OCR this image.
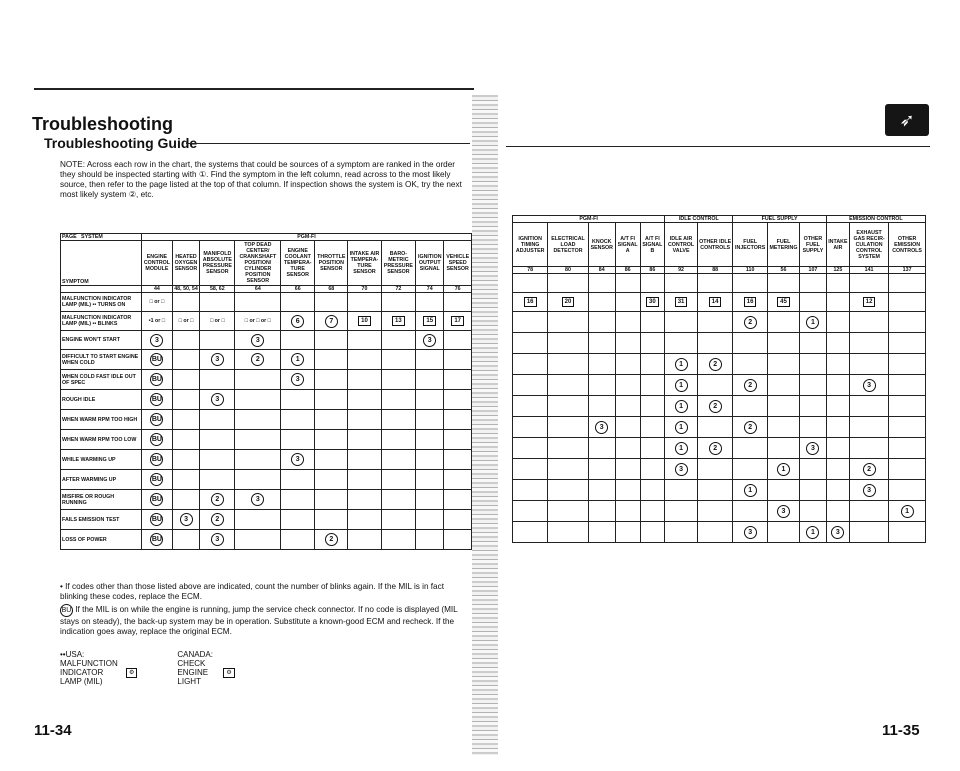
Troubleshooting
Troubleshooting Guide
➶
NOTE: Across each row in the chart, the systems that could be sources of a symptom are ranked in the order they should be inspected starting with ①. Find the symptom in the left column, read across to the most likely source, then refer to the page listed at the top of that column. If inspection shows the system is OK, try the next most likely system ②, etc.
PAGE   SYSTEM	PGM-FI									
SYMPTOM	ENGINE CONTROL MODULE	HEATED OXYGEN SENSOR	MANIFOLD ABSOLUTE PRESSURE SENSOR	TOP DEAD CENTER/ CRANKSHAFT POSITION/ CYLINDER POSITION SENSOR	ENGINE COOLANT TEMPERA- TURE SENSOR	THROTTLE POSITION SENSOR	INTAKE AIR TEMPERA- TURE SENSOR	BARO- METRIC PRESSURE SENSOR	IGNITION OUTPUT SIGNAL	VEHICLE SPEED SENSOR
	44	48, 50, 54	58, 62	64	66	68	70	72	74	76
MALFUNCTION INDICATOR LAMP (MIL) •• TURNS ON	□ or □									
MALFUNCTION INDICATOR LAMP (MIL) •• BLINKS	•1 or □	□ or □	□ or □	□ or □ or □	6	7	10	13	15	17
ENGINE WON'T START	3			3					3	
DIFFICULT TO START ENGINE WHEN COLD	BU		3	2	1					
WHEN COLD FAST IDLE OUT OF SPEC	BU				3					
ROUGH IDLE	BU		3							
WHEN WARM RPM TOO HIGH	BU									
WHEN WARM RPM TOO LOW	BU									
WHILE WARMING UP	BU				3					
AFTER WARMING UP	BU									
MISFIRE OR ROUGH RUNNING	BU		2	3						
FAILS EMISSION TEST	BU	3	2							
LOSS OF POWER	BU		3			2				
PGM-FI					IDLE CONTROL		FUEL SUPPLY			EMISSION CONTROL		
IGNITION TIMING ADJUSTER	ELECTRICAL LOAD DETECTOR	KNOCK SENSOR	A/T FI SIGNAL A	A/T FI SIGNAL B	IDLE AIR CONTROL VALVE	OTHER IDLE CONTROLS	FUEL INJECTORS	FUEL METERING	OTHER FUEL SUPPLY	INTAKE AIR	EXHAUST GAS RECIR- CULATION CONTROL SYSTEM	OTHER EMISSION CONTROLS
78	80	84	86	86	92	88	110	56	107	125	141	137

16	20			30	31	14	16	45			12	
							2		1			

					1	2						
					1		2				3	
					1	2						
		3			1		2					
					1	2			3			
					3			1			2	
							1				3	
								3				1
							3		1	3		
• If codes other than those listed above are indicated, count the number of blinks again. If the MIL is in fact blinking these codes, replace the ECM.
BU If the MIL is on while the engine is running, jump the service check connector. If no code is displayed (MIL stays on steady), the back-up system may be in operation. Substitute a known-good ECM and recheck. If the indication goes away, replace the original ECM.
••USA:
MALFUNCTION INDICATOR LAMP (MIL)
⚙
CANADA:
CHECK ENGINE LIGHT
⚙
11-34	11-35
